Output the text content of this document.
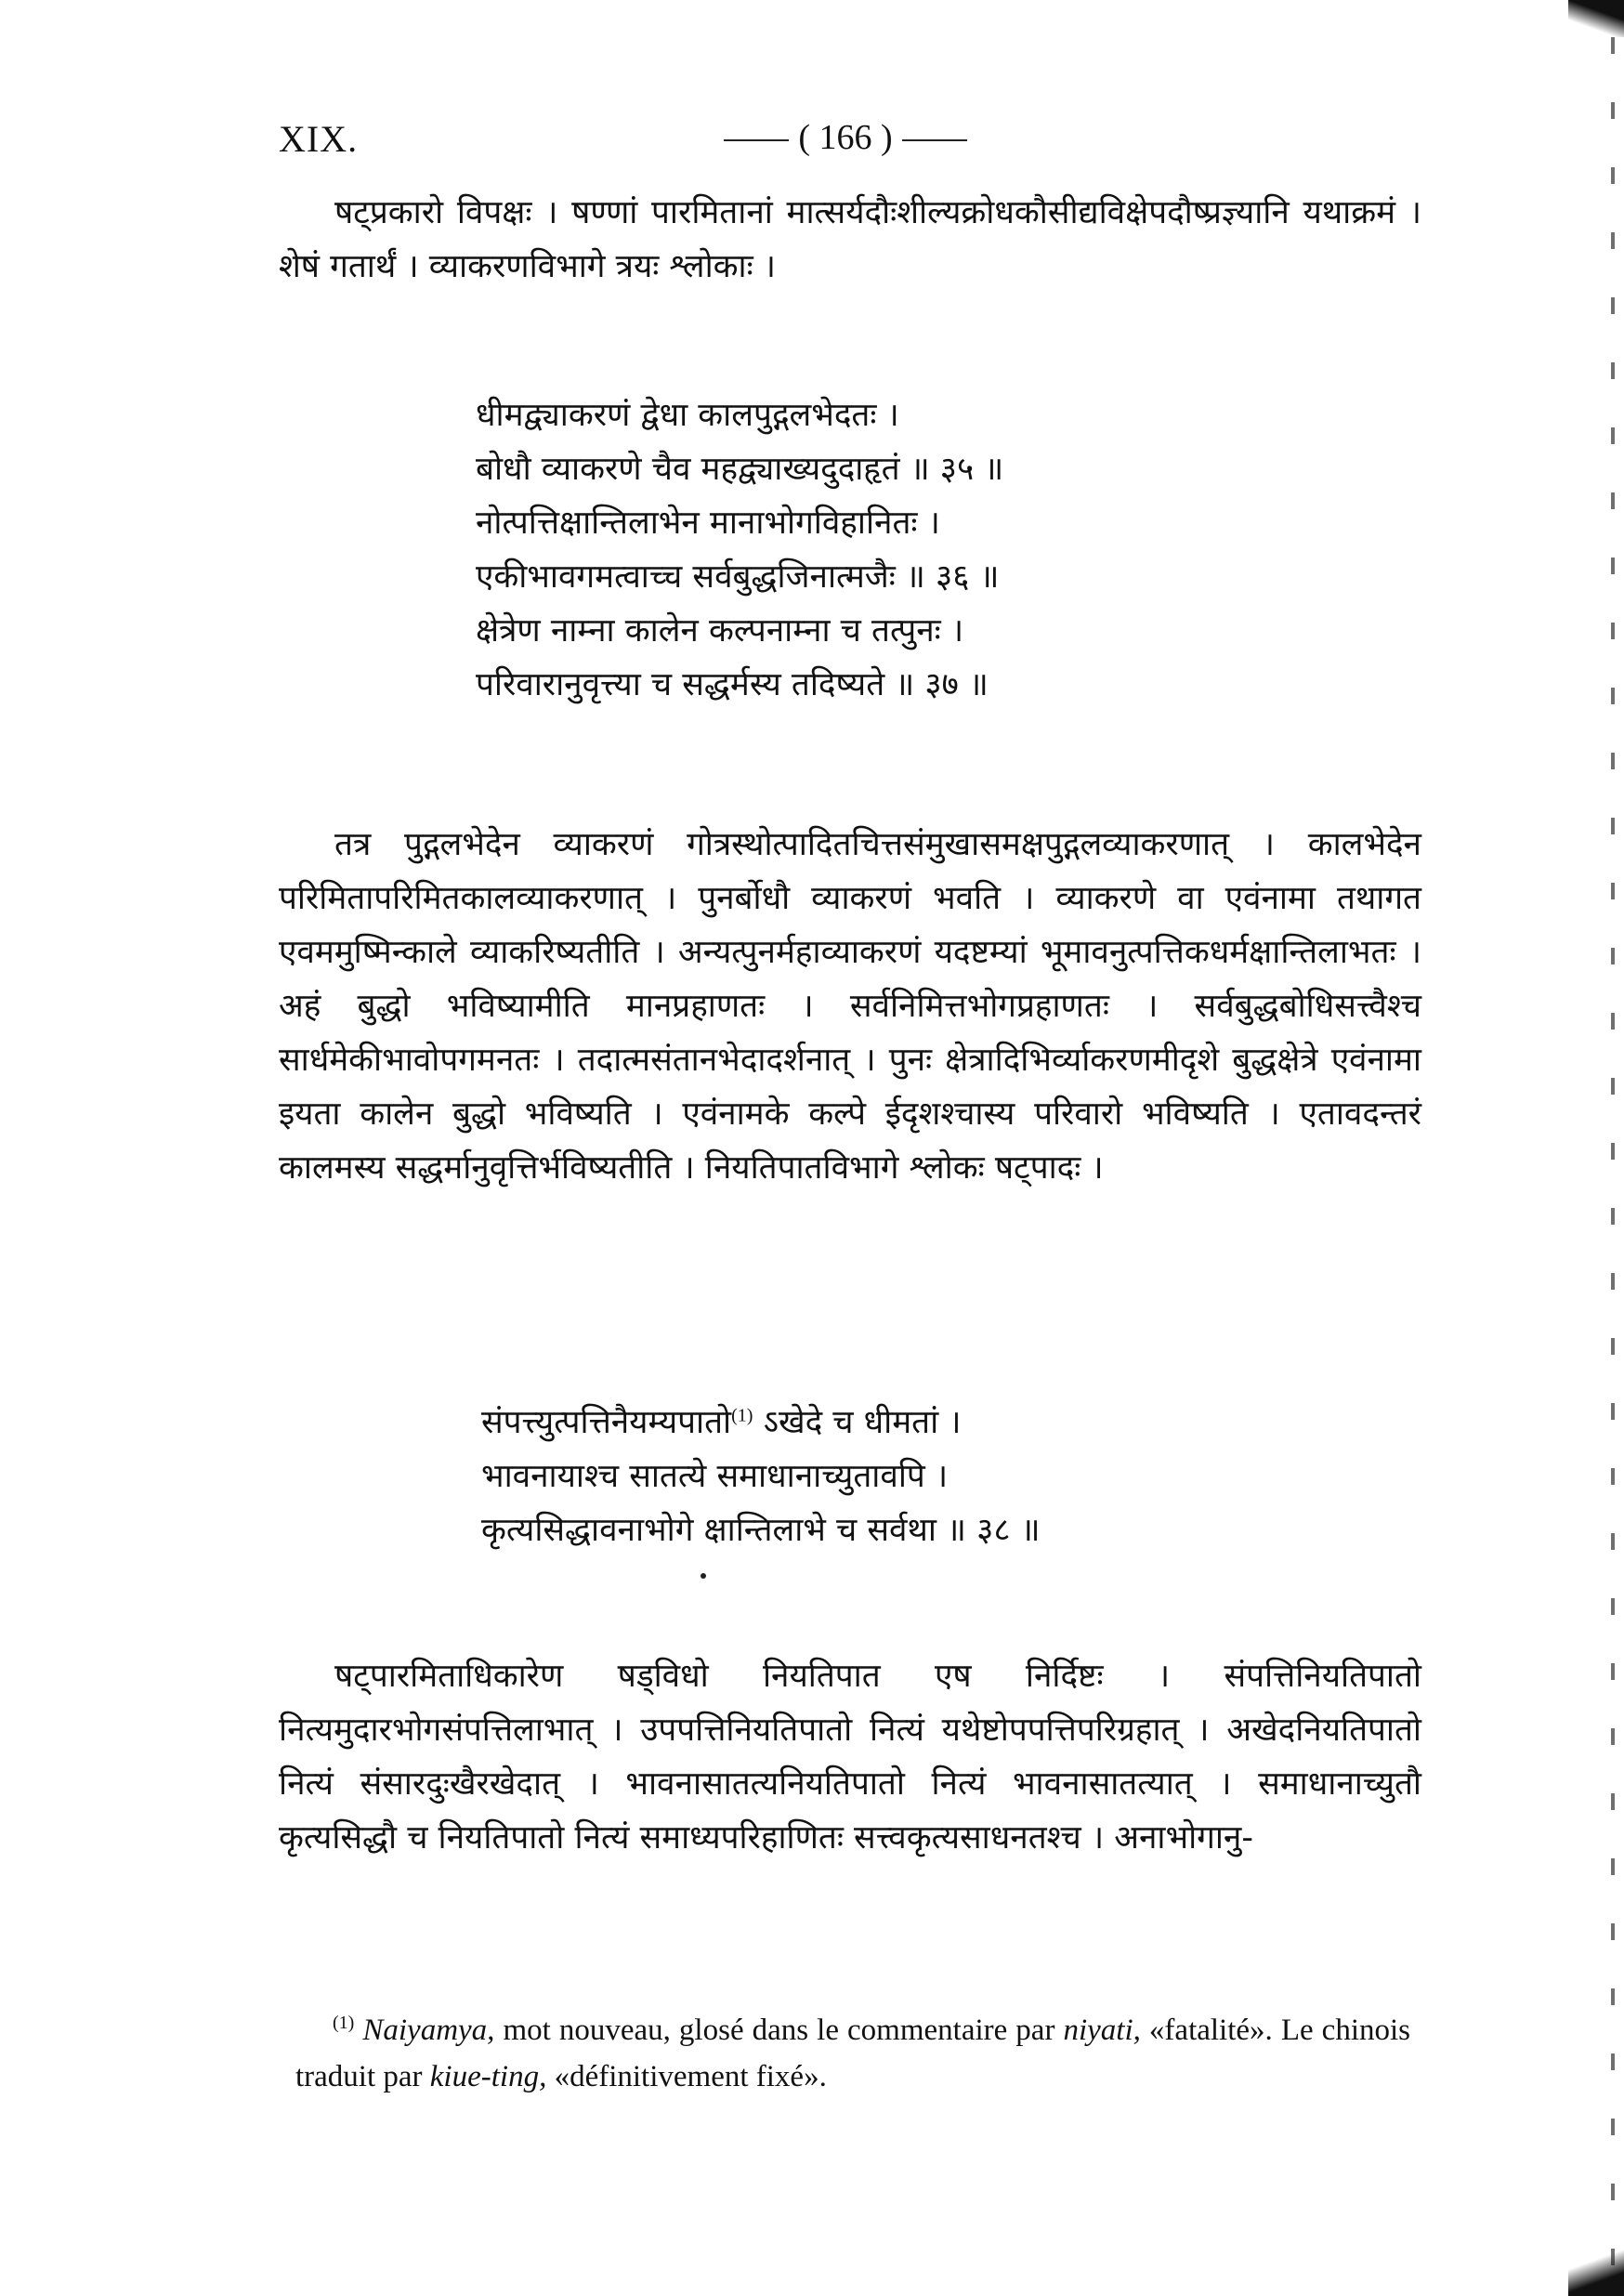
XIX.	( 166 )

षट्प्रकारो विपक्षः । षण्णां पारमितानां मात्सर्यदौःशील्यक्रोधकौसीद्यविक्षेपदौष्प्रज्ञ्यानि यथाक्रमं । शेषं गतार्थं । व्याकरणविभागे त्रयः श्लोकाः ।

धीमद्व्याकरणं द्वेधा कालपुद्गलभेदतः ।
बोधौ व्याकरणे चैव महद्व्याख्यदुदाहृतं ॥ ३५ ॥
नोत्पत्तिक्षान्तिलाभेन मानाभोगविहानितः ।
एकीभावगमत्वाच्च सर्वबुद्धजिनात्मजैः ॥ ३६ ॥
क्षेत्रेण नाम्ना कालेन कल्पनाम्ना च तत्पुनः ।
परिवारानुवृत्त्या च सद्धर्मस्य तदिष्यते ॥ ३७ ॥

तत्र पुद्गलभेदेन व्याकरणं गोत्रस्थोत्पादितचित्तसंमुखासमक्षपुद्गलव्याकरणात् । कालभेदेन परिमितापरिमितकालव्याकरणात् । पुनर्बोधौ व्याकरणं भवति । व्याकरणे वा एवंनामा तथागत एवममुष्मिन्काले व्याकरिष्यतीति । अन्यत्पुनर्महाव्याकरणं यदष्टम्यां भूमावनुत्पत्तिकधर्मक्षान्तिलाभतः । अहं बुद्धो भविष्यामीति मानप्रहाणतः । सर्वनिमित्तभोगप्रहाणतः । सर्वबुद्धबोधिसत्त्वैश्च सार्धमेकीभावोपगमनतः । तदात्मसंतानभेदादर्शनात् । पुनः क्षेत्रादिभिर्व्याकरणमीदृशे बुद्धक्षेत्रे एवंनामा इयता कालेन बुद्धो भविष्यति । एवंनामके कल्पे ईदृशश्चास्य परिवारो भविष्यति । एतावदन्तरं कालमस्य सद्धर्मानुवृत्तिर्भविष्यतीति । नियतिपातविभागे श्लोकः षट्पादः ।

संपत्त्युत्पत्तिनैयम्यपातो$^{(1)}$ ऽखेदे च धीमतां ।
भावनायाश्च सातत्ये समाधानाच्युतावपि ।
कृत्यसिद्धावनाभोगे क्षान्तिलाभे च सर्वथा ॥ ३८ ॥

षट्पारमिताधिकारेण षड्विधो नियतिपात एष निर्दिष्टः । संपत्तिनियतिपातो नित्यमुदारभोगसंपत्तिलाभात् । उपपत्तिनियतिपातो नित्यं यथेष्टोपपत्तिपरिग्रहात् । अखेदनियतिपातो नित्यं संसारदुःखैरखेदात् । भावनासातत्यनियतिपातो नित्यं भावनासातत्यात् । समाधानाच्युतौ कृत्यसिद्धौ च नियतिपातो नित्यं समाध्यपरिहाणितः सत्त्वकृत्यसाधनतश्च । अनाभोगानु-

$^{(1)}$ Naiyamya, mot nouveau, glosé dans le commentaire par niyati, «fatalité». Le chinois traduit par kiue-ting, «définitivement fixé».
